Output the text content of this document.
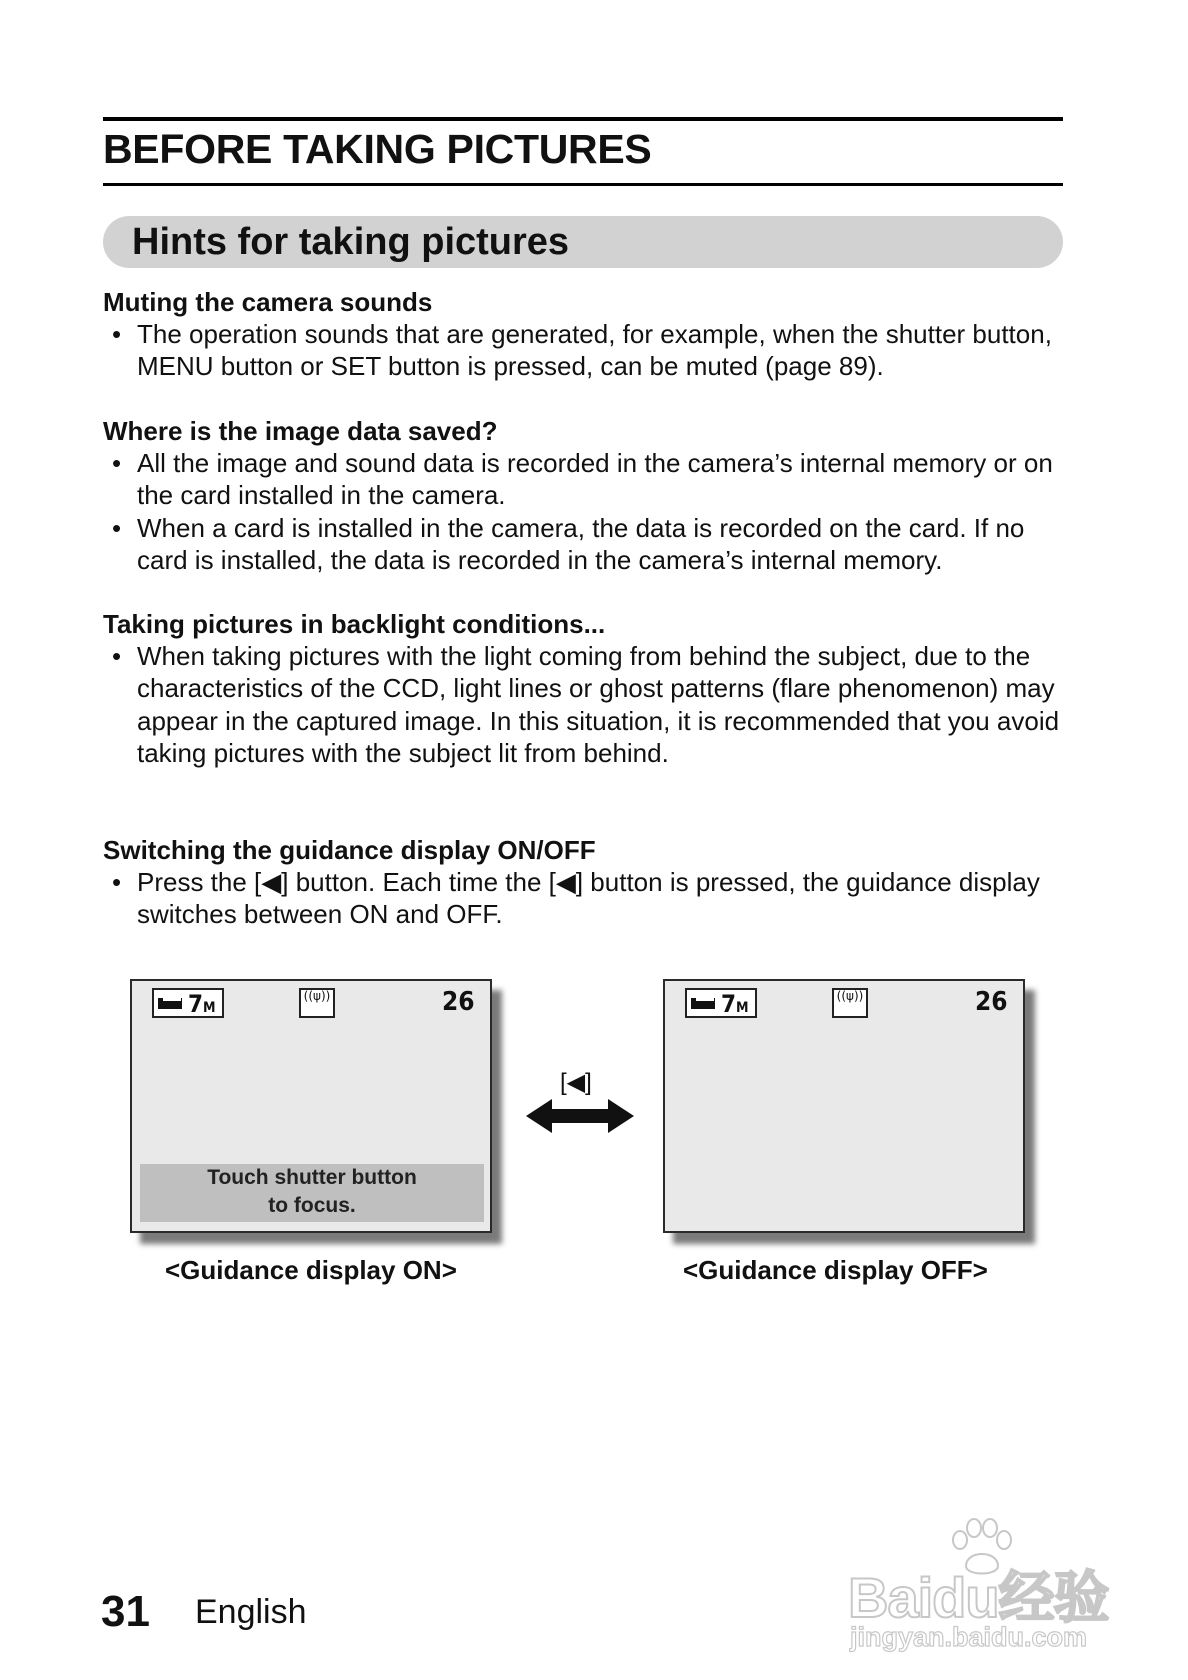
BEFORE TAKING PICTURES
Hints for taking pictures
Muting the camera sounds
• The operation sounds that are generated, for example, when the shutter button, MENU button or SET button is pressed, can be muted (page 89).
Where is the image data saved?
• All the image and sound data is recorded in the camera’s internal memory or on the card installed in the camera.
• When a card is installed in the camera, the data is recorded on the card. If no card is installed, the data is recorded in the camera’s internal memory.
Taking pictures in backlight conditions...
• When taking pictures with the light coming from behind the subject, due to the characteristics of the CCD, light lines or ghost patterns (flare phenomenon) may appear in the captured image. In this situation, it is recommended that you avoid taking pictures with the subject lit from behind.
Switching the guidance display ON/OFF
• Press the [◀] button. Each time the [◀] button is pressed, the guidance display switches between ON and OFF.
7M
((ψ))	26
Touch shutter button
to focus.
[◀]
7M
((ψ))	26
<Guidance display ON>	<Guidance display OFF>
31 English	Baidu经验
jingyan.baidu.com
